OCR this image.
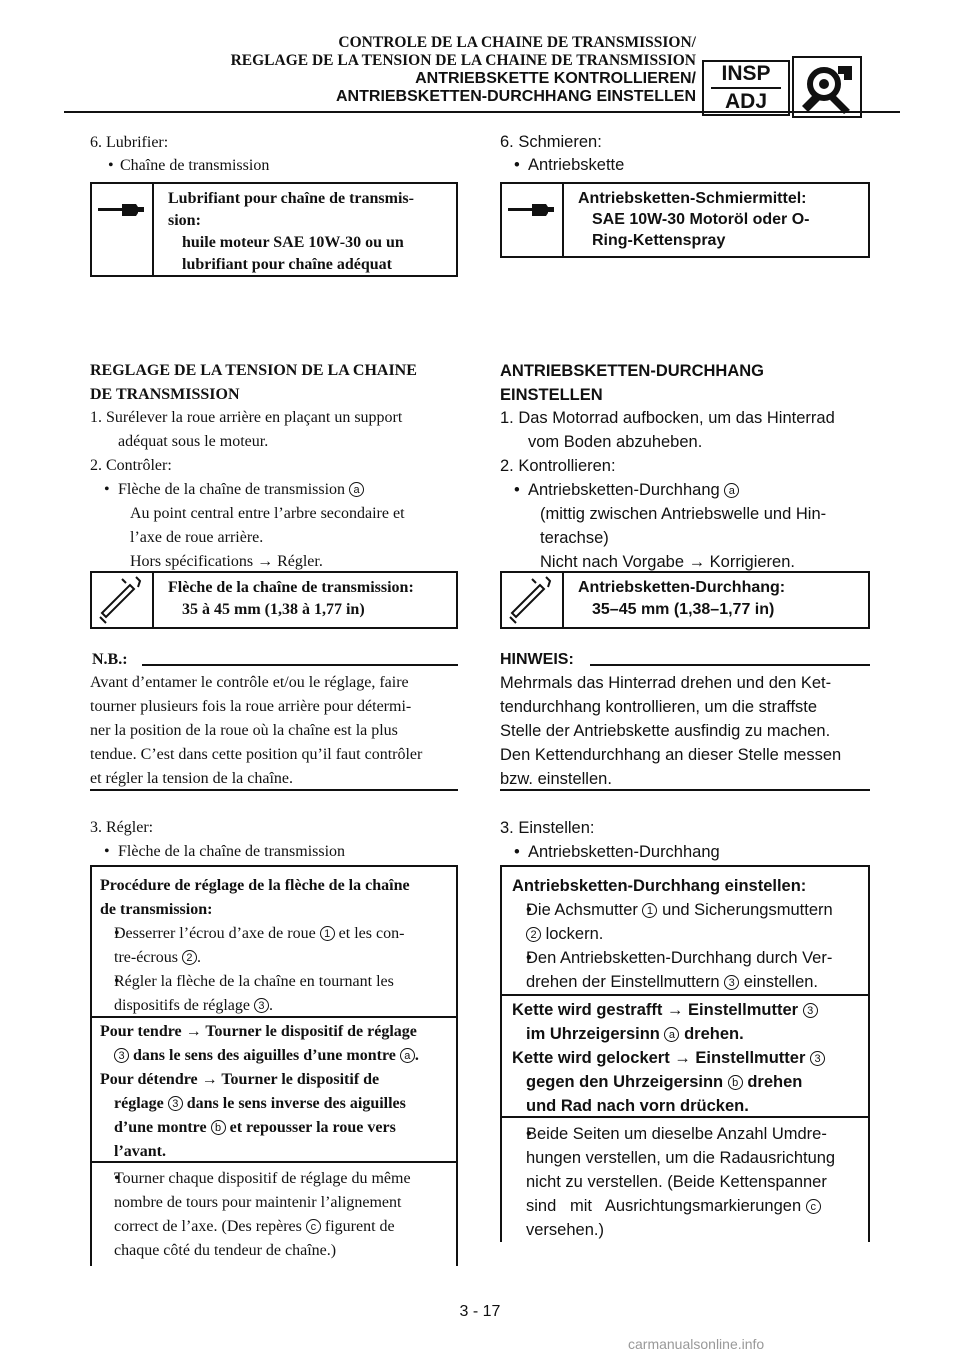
CONTROLE DE LA CHAINE DE TRANSMISSION/
REGLAGE DE LA TENSION DE LA CHAINE DE TRANSMISSION
ANTRIEBSKETTE KONTROLLIEREN/
ANTRIEBSKETTEN-DURCHHANG EINSTELLEN
INSP
ADJ
6. Lubrifier:
• Chaîne de transmission
Lubrifiant pour chaîne de transmis-
sion:
huile moteur SAE 10W-30 ou un
lubrifiant pour chaîne adéquat
REGLAGE DE LA TENSION DE LA CHAINE
DE TRANSMISSION
1. Surélever la roue arrière en plaçant un support
adéquat sous le moteur.
2. Contrôler:
• Flèche de la chaîne de transmission a
Au point central entre l’arbre secondaire et
l’axe de roue arrière.
Hors spécifications → Régler.
Flèche de la chaîne de transmission:
35 à 45 mm (1,38 à 1,77 in)
N.B.:
Avant d’entamer le contrôle et/ou le réglage, faire
tourner plusieurs fois la roue arrière pour détermi-
ner la position de la roue où la chaîne est la plus
tendue. C’est dans cette position qu’il faut contrôler
et régler la tension de la chaîne.
3. Régler:
• Flèche de la chaîne de transmission
Procédure de réglage de la flèche de la chaîne
de transmission:
• Desserrer l’écrou d’axe de roue 1 et les con-
tre-écrous 2 .
• Régler la flèche de la chaîne en tournant les
dispositifs de réglage 3 .
Pour tendre → Tourner le dispositif de réglage
3 dans le sens des aiguilles d’une montre a .
Pour détendre → Tourner le dispositif de
réglage 3 dans le sens inverse des aiguilles
d’une montre b et repousser la roue vers
l’avant.
• Tourner chaque dispositif de réglage du même
nombre de tours pour maintenir l’alignement
correct de l’axe. (Des repères c figurent de
chaque côté du tendeur de chaîne.)
6. Schmieren:
• Antriebskette
Antriebsketten-Schmiermittel:
SAE 10W-30 Motoröl oder O-
Ring-Kettenspray
ANTRIEBSKETTEN-DURCHHANG
EINSTELLEN
1. Das Motorrad aufbocken, um das Hinterrad
vom Boden abzuheben.
2. Kontrollieren:
• Antriebsketten-Durchhang a
(mittig zwischen Antriebswelle und Hin-
terachse)
Nicht nach Vorgabe → Korrigieren.
Antriebsketten-Durchhang:
35–45 mm (1,38–1,77 in)
HINWEIS:
Mehrmals das Hinterrad drehen und den Ket-
tendurchhang kontrollieren, um die straffste
Stelle der Antriebskette ausfindig zu machen.
Den Kettendurchhang an dieser Stelle messen
bzw. einstellen.
3. Einstellen:
• Antriebsketten-Durchhang
Antriebsketten-Durchhang einstellen:
• Die Achsmutter 1 und Sicherungsmuttern
2 lockern.
• Den Antriebsketten-Durchhang durch Ver-
drehen der Einstellmuttern 3 einstellen.
Kette wird gestrafft → Einstellmutter 3
im Uhrzeigersinn a drehen.
Kette wird gelockert → Einstellmutter 3
gegen den Uhrzeigersinn b drehen
und Rad nach vorn drücken.
• Beide Seiten um dieselbe Anzahl Umdre-
hungen verstellen, um die Radausrichtung
nicht zu verstellen. (Beide Kettenspanner
sind   mit   Ausrichtungsmarkierungen c
versehen.)
3 - 17
carmanualsonline.info
